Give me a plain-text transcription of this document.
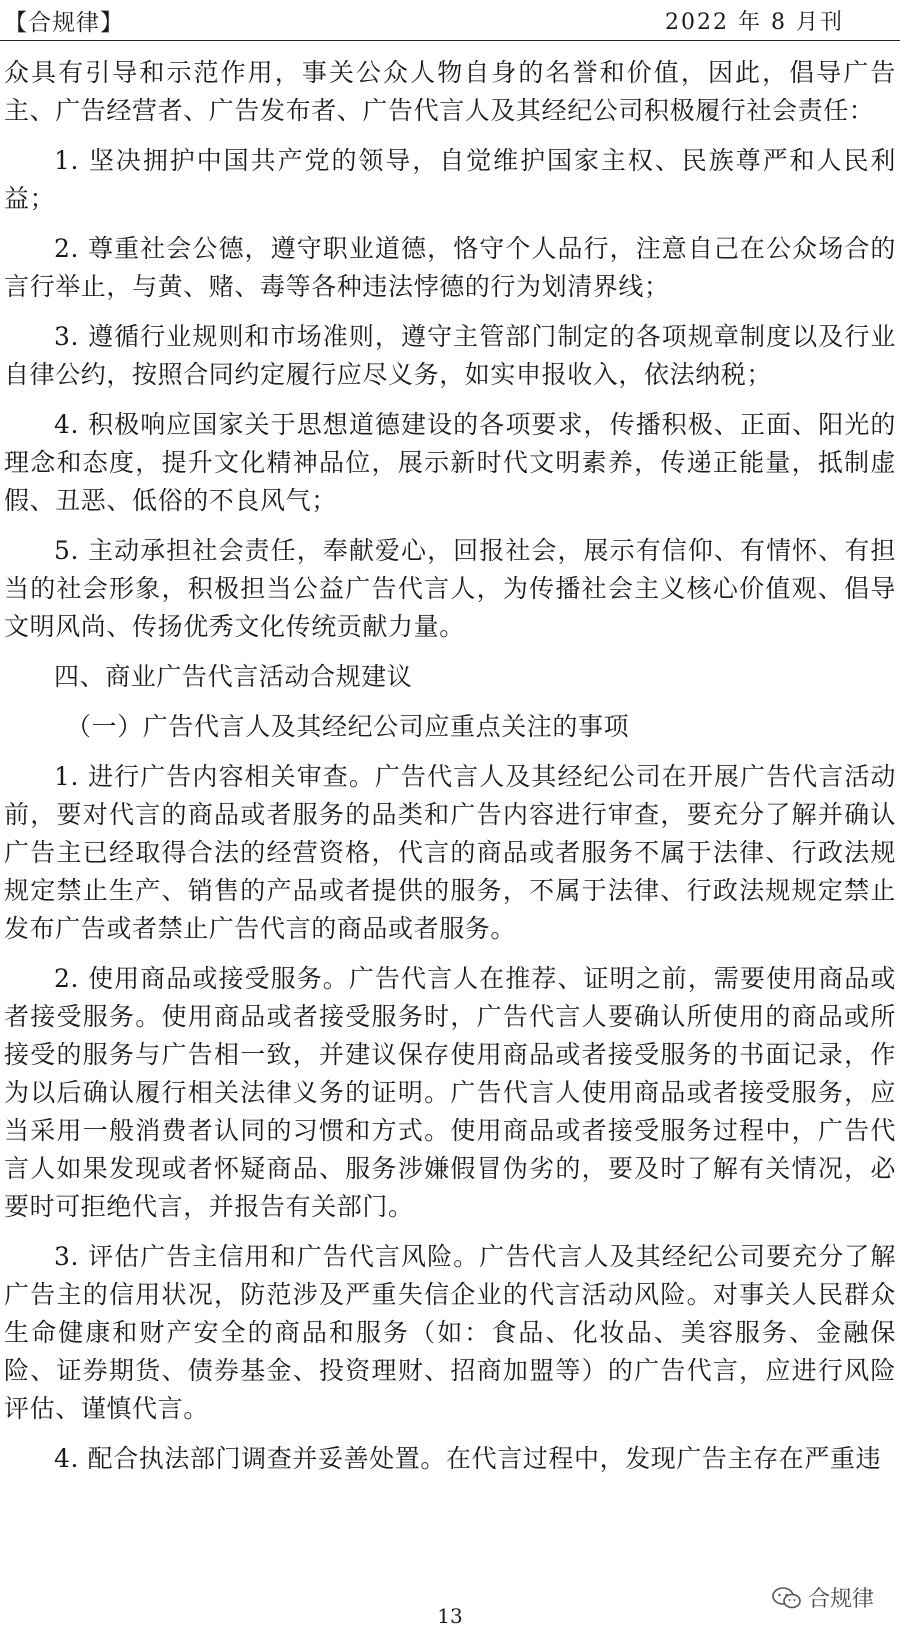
【合规律】	2022 年 8 月刊

众具有引导和示范作用，事关公众人物自身的名誉和价值，因此，倡导广告主、广告经营者、广告发布者、广告代言人及其经纪公司积极履行社会责任：

1. 坚决拥护中国共产党的领导，自觉维护国家主权、民族尊严和人民利益；

2. 尊重社会公德，遵守职业道德，恪守个人品行，注意自己在公众场合的言行举止，与黄、赌、毒等各种违法悖德的行为划清界线；

3. 遵循行业规则和市场准则，遵守主管部门制定的各项规章制度以及行业自律公约，按照合同约定履行应尽义务，如实申报收入，依法纳税；

4. 积极响应国家关于思想道德建设的各项要求，传播积极、正面、阳光的理念和态度，提升文化精神品位，展示新时代文明素养，传递正能量，抵制虚假、丑恶、低俗的不良风气；

5. 主动承担社会责任，奉献爱心，回报社会，展示有信仰、有情怀、有担当的社会形象，积极担当公益广告代言人，为传播社会主义核心价值观、倡导文明风尚、传扬优秀文化传统贡献力量。

四、商业广告代言活动合规建议

（一）广告代言人及其经纪公司应重点关注的事项

1. 进行广告内容相关审查。广告代言人及其经纪公司在开展广告代言活动前，要对代言的商品或者服务的品类和广告内容进行审查，要充分了解并确认广告主已经取得合法的经营资格，代言的商品或者服务不属于法律、行政法规规定禁止生产、销售的产品或者提供的服务，不属于法律、行政法规规定禁止发布广告或者禁止广告代言的商品或者服务。

2. 使用商品或接受服务。广告代言人在推荐、证明之前，需要使用商品或者接受服务。使用商品或者接受服务时，广告代言人要确认所使用的商品或所接受的服务与广告相一致，并建议保存使用商品或者接受服务的书面记录，作为以后确认履行相关法律义务的证明。广告代言人使用商品或者接受服务，应当采用一般消费者认同的习惯和方式。使用商品或者接受服务过程中，广告代言人如果发现或者怀疑商品、服务涉嫌假冒伪劣的，要及时了解有关情况，必要时可拒绝代言，并报告有关部门。

3. 评估广告主信用和广告代言风险。广告代言人及其经纪公司要充分了解广告主的信用状况，防范涉及严重失信企业的代言活动风险。对事关人民群众生命健康和财产安全的商品和服务（如：食品、化妆品、美容服务、金融保险、证券期货、债券基金、投资理财、招商加盟等）的广告代言，应进行风险评估、谨慎代言。

4. 配合执法部门调查并妥善处置。在代言过程中，发现广告主存在严重违

合规律
13
